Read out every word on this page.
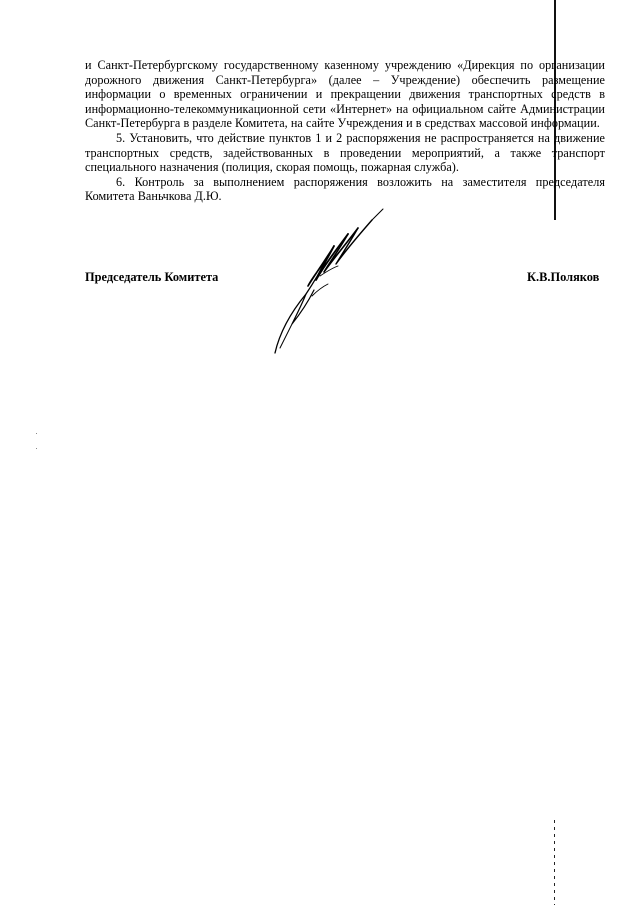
и Санкт-Петербургскому государственному казенному учреждению «Дирекция по организации дорожного движения Санкт-Петербурга» (далее – Учреждение) обеспечить размещение информации о временных ограничении и прекращении движения транспортных средств в информационно-телекоммуникационной сети «Интернет» на официальном сайте Администрации Санкт-Петербурга в разделе Комитета, на сайте Учреждения и в средствах массовой информации.

5. Установить, что действие пунктов 1 и 2 распоряжения не распространяется на движение транспортных средств, задействованных в проведении мероприятий, а также транспорт специального назначения (полиция, скорая помощь, пожарная служба).

6. Контроль за выполнением распоряжения возложить на заместителя председателя Комитета Ваньчкова Д.Ю.

Председатель Комитета	К.В.Поляков
